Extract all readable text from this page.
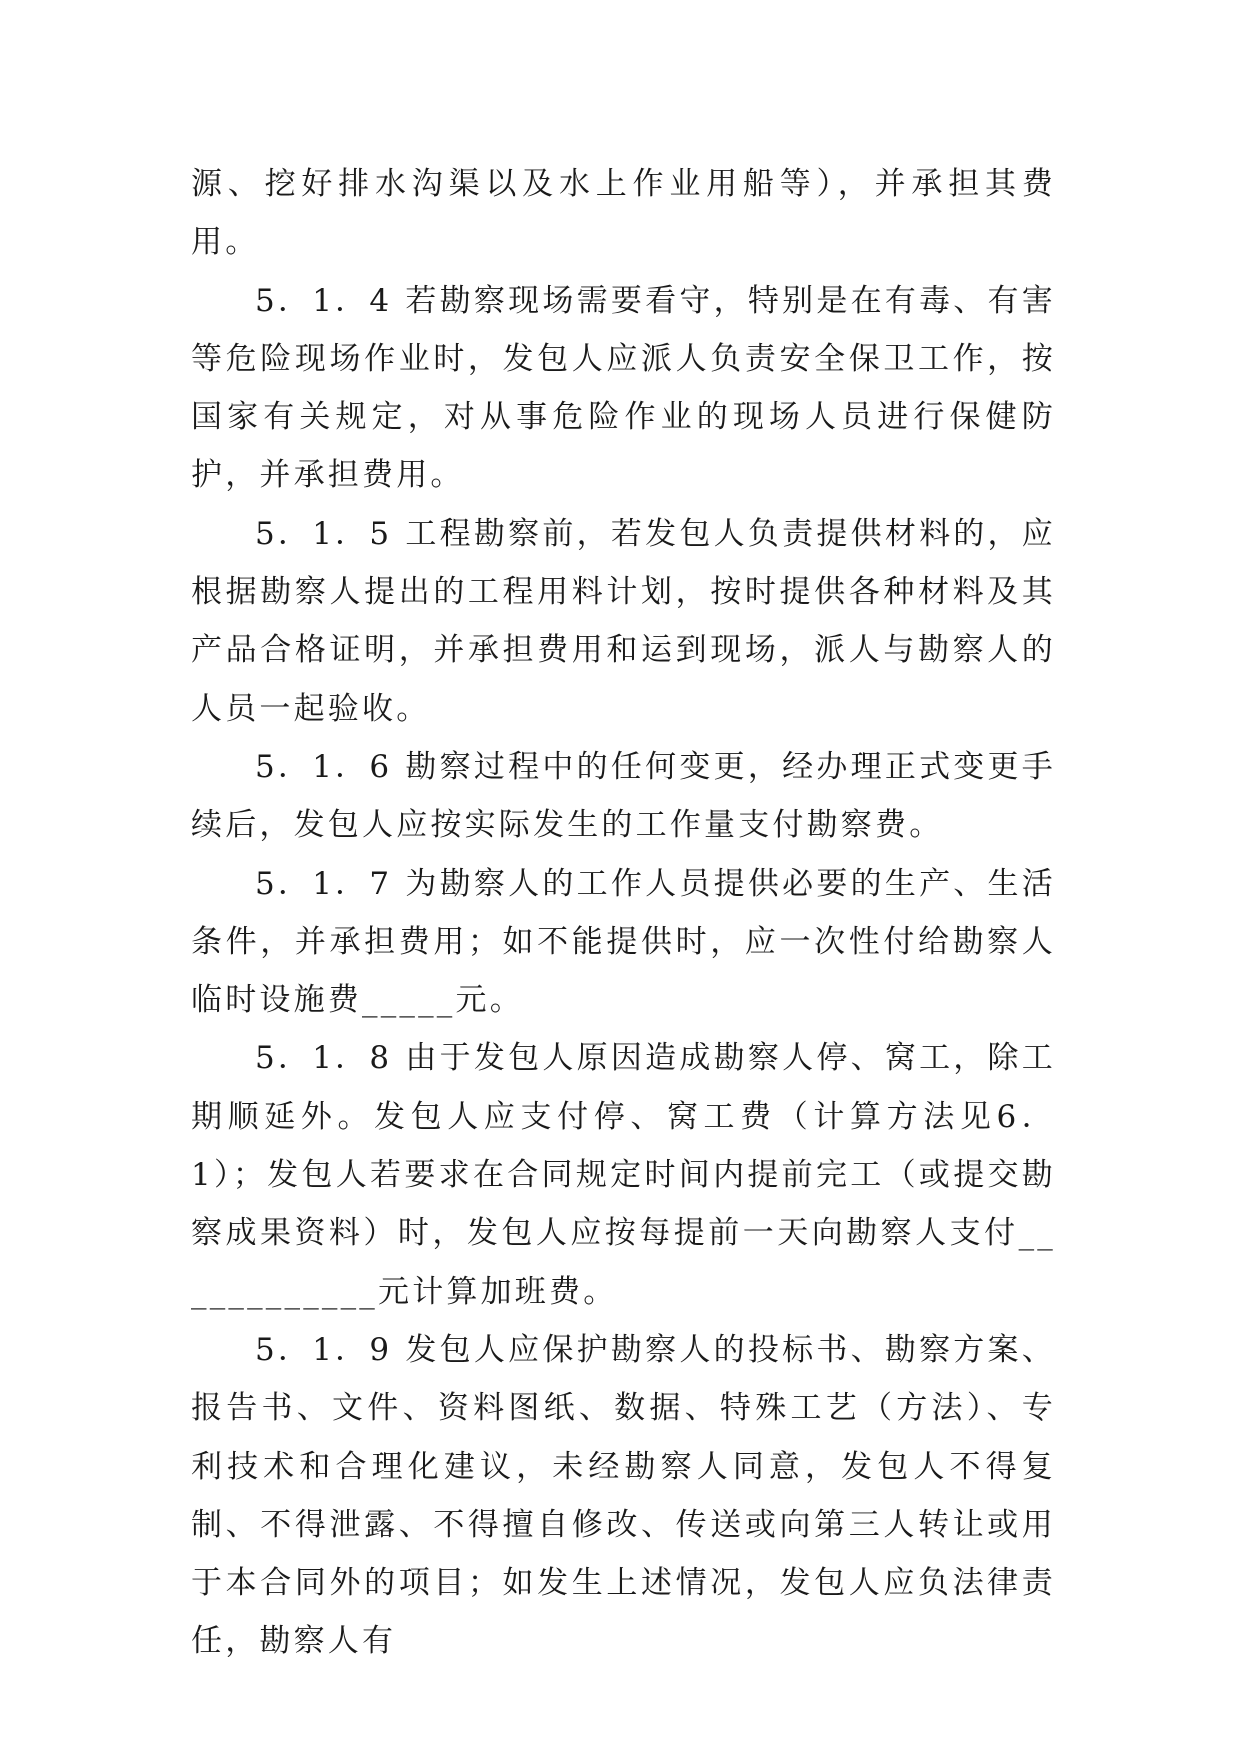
源、挖好排水沟渠以及水上作业用船等），并承担其费用。

5．1．4 若勘察现场需要看守，特别是在有毒、有害等危险现场作业时，发包人应派人负责安全保卫工作，按国家有关规定，对从事危险作业的现场人员进行保健防护，并承担费用。

5．1．5 工程勘察前，若发包人负责提供材料的，应根据勘察人提出的工程用料计划，按时提供各种材料及其产品合格证明，并承担费用和运到现场，派人与勘察人的人员一起验收。

5．1．6 勘察过程中的任何变更，经办理正式变更手续后，发包人应按实际发生的工作量支付勘察费。

5．1．7 为勘察人的工作人员提供必要的生产、生活条件，并承担费用；如不能提供时，应一次性付给勘察人临时设施费_____元。

5．1．8 由于发包人原因造成勘察人停、窝工，除工期顺延外。发包人应支付停、窝工费（计算方法见6．1）；发包人若要求在合同规定时间内提前完工（或提交勘察成果资料）时，发包人应按每提前一天向勘察人支付____________元计算加班费。

5．1．9 发包人应保护勘察人的投标书、勘察方案、报告书、文件、资料图纸、数据、特殊工艺（方法）、专利技术和合理化建议，未经勘察人同意，发包人不得复制、不得泄露、不得擅自修改、传送或向第三人转让或用于本合同外的项目；如发生上述情况，发包人应负法律责任，勘察人有
